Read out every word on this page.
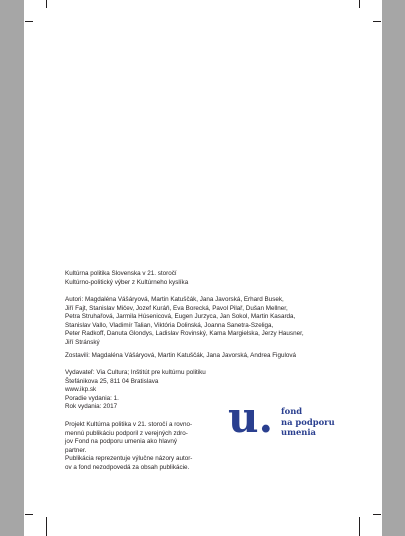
Kultúrna politika Slovenska v 21. storočí
Kultúrno-politický výber z Kultúrneho kyslíka
Autori: Magdaléna Vášáryová, Martin Katuščák, Jana Javorská, Erhard Busek,
Jiří Fajt, Stanislav Mičev, Jozef Kuráň, Eva Borecká, Pavol Pilař, Dušan Mellner,
Petra Struhařová, Jarmila Húsenicová, Eugen Jurzyca, Jan Sokol, Martin Kasarda,
Stanislav Vallo, Vladimír Talian, Viktória Dolinská, Joanna Sanetra-Szeliga,
Peter Radkoff, Danuta Glondys, Ladislav Rovinský, Kama Margielska, Jerzy Hausner,
Jiří Stránský
Zostavili: Magdaléna Vášáryová, Martin Katuščák, Jana Javorská, Andrea Figulová
Vydavateľ: Via Cultura; Inštitút pre kultúrnu politiku
Štefánikova 25, 811 04 Bratislava
www.ikp.sk
Poradie vydania: 1.
Rok vydania: 2017
Projekt Kultúrna politika v 21. storočí a rovno-
mennú publikáciu podporil z verejných zdro-
jov Fond na podporu umenia ako hlavný
partner.
Publikácia reprezentuje výlučne názory autor-
ov a fond nezodpovedá za obsah publikácie.
u. fond
na podporu
umenia
